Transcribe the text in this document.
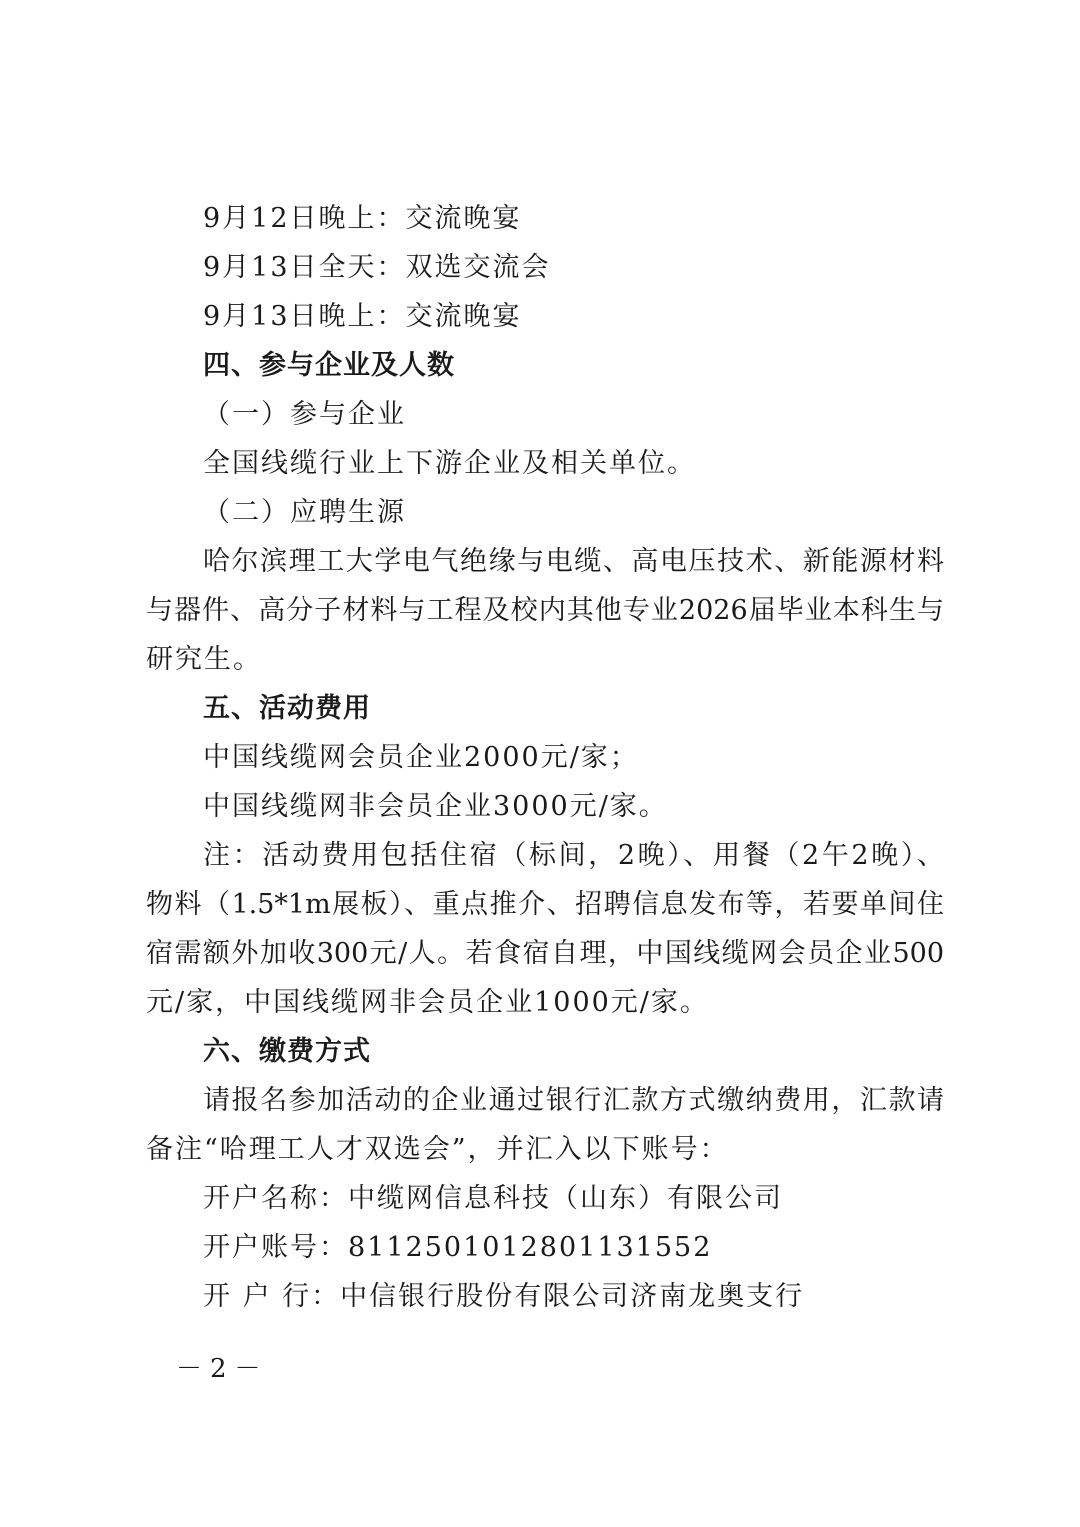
9月12日晚上：交流晚宴
9月13日全天：双选交流会
9月13日晚上：交流晚宴
四、参与企业及人数
（一）参与企业
全国线缆行业上下游企业及相关单位。
（二）应聘生源
哈尔滨理工大学电气绝缘与电缆、高电压技术、新能源材料
与器件、高分子材料与工程及校内其他专业2026届毕业本科生与
研究生。
五、活动费用
中国线缆网会员企业2000元/家；
中国线缆网非会员企业3000元/家。
注：活动费用包括住宿（标间，2晚）、用餐（2午2晚）、
物料（1.5*1m展板）、重点推介、招聘信息发布等，若要单间住
宿需额外加收300元/人。若食宿自理，中国线缆网会员企业500
元/家，中国线缆网非会员企业1000元/家。
六、缴费方式
请报名参加活动的企业通过银行汇款方式缴纳费用，汇款请
备注“哈理工人才双选会”，并汇入以下账号：
开户名称：中缆网信息科技（山东）有限公司
开户账号：8112501012801131552
开 户 行：中信银行股份有限公司济南龙奥支行
－2－
